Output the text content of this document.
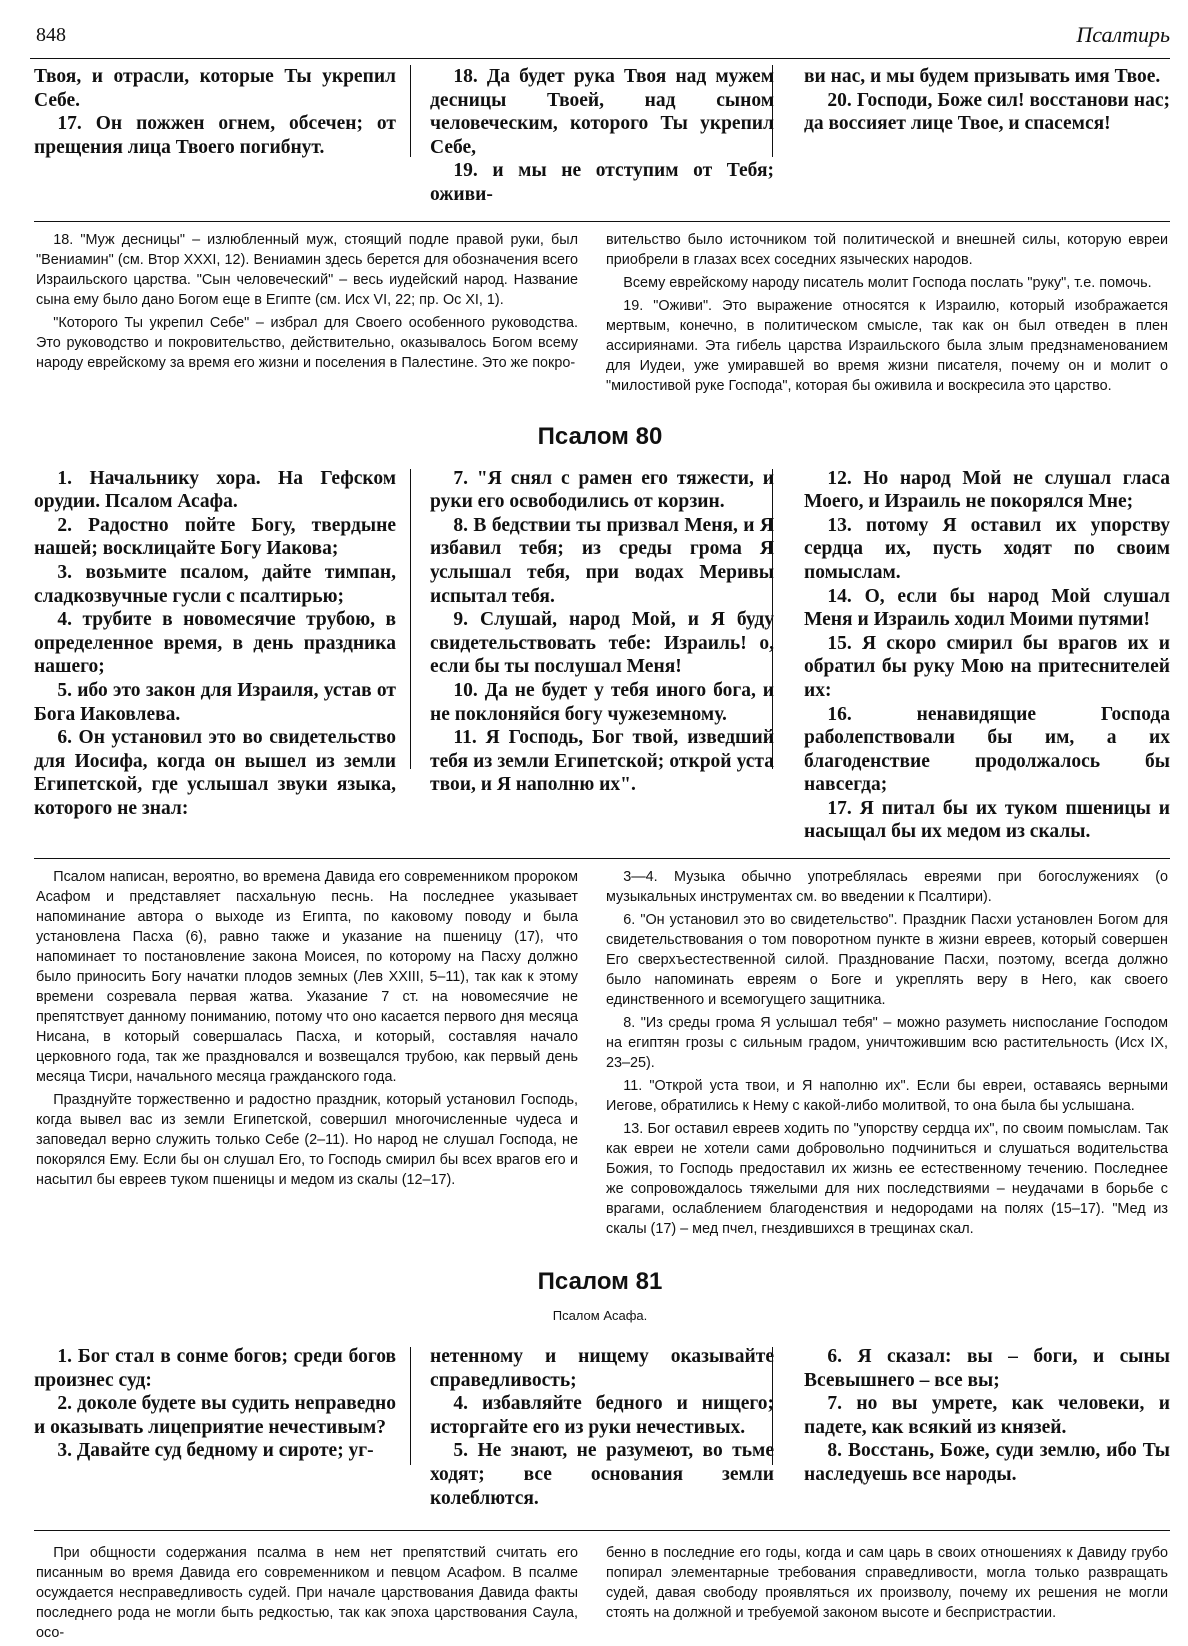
848	Псалтирь

Твоя, и отрасли, которые Ты укрепил Себе.

17. Он пожжен огнем, обсечен; от прещения лица Твоего погибнут.

18. Да будет рука Твоя над мужем десницы Твоей, над сыном человеческим, которого Ты укрепил Себе,

19. и мы не отступим от Тебя; оживи-

ви нас, и мы будем призывать имя Твое.

20. Господи, Боже сил! восстанови нас; да воссияет лице Твое, и спасемся!

18. "Муж десницы" – излюбленный муж, стоящий подле правой руки, был "Вениамин" (см. Втор XXXI, 12). Вениамин здесь берется для обозначения всего Израильского царства. "Сын человеческий" – весь иудейский народ. Название сына ему было дано Богом еще в Египте (см. Исх VI, 22; пр. Ос XI, 1).

"Которого Ты укрепил Себе" – избрал для Своего особенного руководства. Это руководство и покровительство, действительно, оказывалось Богом всему народу еврейскому за время его жизни и поселения в Палестине. Это же покро-

вительство было источником той политической и внешней силы, которую евреи приобрели в глазах всех соседних языческих народов.

Всему еврейскому народу писатель молит Господа послать "руку", т.е. помочь.

19. "Оживи". Это выражение относятся к Израилю, который изображается мертвым, конечно, в политическом смысле, так как он был отведен в плен ассириянами. Эта гибель царства Израильского была злым предзнаменованием для Иудеи, уже умиравшей во время жизни писателя, почему он и молит о "милостивой руке Господа", которая бы оживила и воскресила это царство.

Псалом 80

1. Начальнику хора. На Гефском орудии. Псалом Асафа.

2. Радостно пойте Богу, твердыне нашей; восклицайте Богу Иакова;

3. возьмите псалом, дайте тимпан, сладкозвучные гусли с псалтирью;

4. трубите в новомесячие трубою, в определенное время, в день праздника нашего;

5. ибо это закон для Израиля, устав от Бога Иаковлева.

6. Он установил это во свидетельство для Иосифа, когда он вышел из земли Египетской, где услышал звуки языка, которого не знал:

7. "Я снял с рамен его тяжести, и руки его освободились от корзин.

8. В бедствии ты призвал Меня, и Я избавил тебя; из среды грома Я услышал тебя, при водах Меривы испытал тебя.

9. Слушай, народ Мой, и Я буду свидетельствовать тебе: Израиль! о, если бы ты послушал Меня!

10. Да не будет у тебя иного бога, и не поклоняйся богу чужеземному.

11. Я Господь, Бог твой, изведший тебя из земли Египетской; открой уста твои, и Я наполню их".

12. Но народ Мой не слушал гласа Моего, и Израиль не покорялся Мне;

13. потому Я оставил их упорству сердца их, пусть ходят по своим помыслам.

14. О, если бы народ Мой слушал Меня и Израиль ходил Моими путями!

15. Я скоро смирил бы врагов их и обратил бы руку Мою на притеснителей их:

16. ненавидящие Господа раболепствовали бы им, а их благоденствие продолжалось бы навсегда;

17. Я питал бы их туком пшеницы и насыщал бы их медом из скалы.

Псалом написан, вероятно, во времена Давида его современником пророком Асафом и представляет пасхальную песнь. На последнее указывает напоминание автора о выходе из Египта, по каковому поводу и была установлена Пасха (6), равно также и указание на пшеницу (17), что напоминает то постановление закона Моисея, по которому на Пасху должно было приносить Богу начатки плодов земных (Лев XXIII, 5–11), так как к этому времени созревала первая жатва. Указание 7 ст. на новомесячие не препятствует данному пониманию, потому что оно касается первого дня месяца Нисана, в который совершалась Пасха, и который, составляя начало церковного года, так же праздновался и возвещался трубою, как первый день месяца Тисри, начального месяца гражданского года.

Празднуйте торжественно и радостно праздник, который установил Господь, когда вывел вас из земли Египетской, совершил многочисленные чудеса и заповедал верно служить только Себе (2–11). Но народ не слушал Господа, не покорялся Ему. Если бы он слушал Его, то Господь смирил бы всех врагов его и насытил бы евреев туком пшеницы и медом из скалы (12–17).

3—4. Музыка обычно употреблялась евреями при богослужениях (о музыкальных инструментах см. во введении к Псалтири).

6. "Он установил это во свидетельство". Праздник Пасхи установлен Богом для свидетельствования о том поворотном пункте в жизни евреев, который совершен Его сверхъестественной силой. Празднование Пасхи, поэтому, всегда должно было напоминать евреям о Боге и укреплять веру в Него, как своего единственного и всемогущего защитника.

8. "Из среды грома Я услышал тебя" – можно разуметь ниспослание Господом на египтян грозы с сильным градом, уничтожившим всю растительность (Исх IX, 23–25).

11. "Открой уста твои, и Я наполню их". Если бы евреи, оставаясь верными Иегове, обратились к Нему с какой-либо молитвой, то она была бы услышана.

13. Бог оставил евреев ходить по "упорству сердца их", по своим помыслам. Так как евреи не хотели сами добровольно подчиниться и слушаться водительства Божия, то Господь предоставил их жизнь ее естественному течению. Последнее же сопровождалось тяжелыми для них последствиями – неудачами в борьбе с врагами, ослаблением благоденствия и недородами на полях (15–17). "Мед из скалы (17) – мед пчел, гнездившихся в трещинах скал.

Псалом 81
Псалом Асафа.

1. Бог стал в сонме богов; среди богов произнес суд:

2. доколе будете вы судить неправедно и оказывать лицеприятие нечестивым?

3. Давайте суд бедному и сироте; уг-

нетенному и нищему оказывайте справедливость;

4. избавляйте бедного и нищего; исторгайте его из руки нечестивых.

5. Не знают, не разумеют, во тьме ходят; все основания земли колеблются.

6. Я сказал: вы – боги, и сыны Всевышнего – все вы;

7. но вы умрете, как человеки, и падете, как всякий из князей.

8. Восстань, Боже, суди землю, ибо Ты наследуешь все народы.

При общности содержания псалма в нем нет препятствий считать его писанным во время Давида его современником и певцом Асафом. В псалме осуждается несправедливость судей. При начале царствования Давида факты последнего рода не могли быть редкостью, так как эпоха царствования Саула, осо-

бенно в последние его годы, когда и сам царь в своих отношениях к Давиду грубо попирал элементарные требования справедливости, могла только развращать судей, давая свободу проявляться их произволу, почему их решения не могли стоять на должной и требуемой законом высоте и беспристрастии.
